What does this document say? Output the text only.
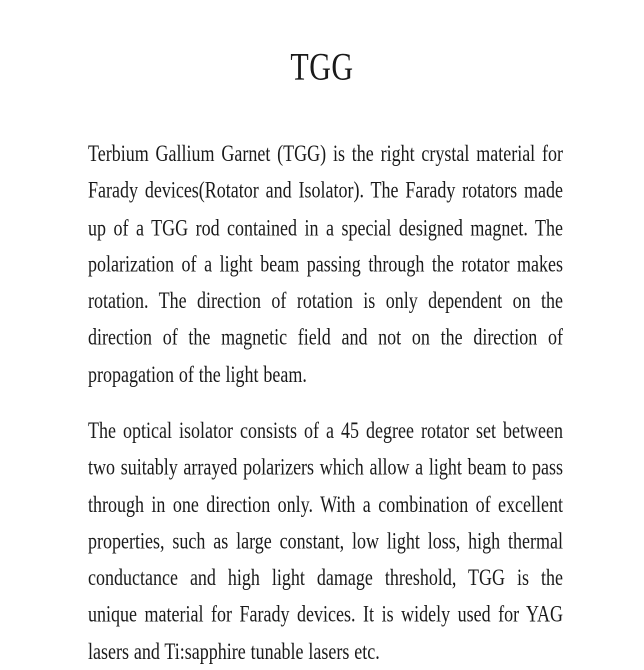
TGG
Terbium Gallium Garnet (TGG) is the right crystal material for
Farady devices(Rotator and Isolator). The Farady rotators made
up of a TGG rod contained in a special designed magnet. The
polarization of a light beam passing through the rotator makes
rotation. The direction of rotation is only dependent on the
direction of the magnetic field and not on the direction of
propagation of the light beam.
The optical isolator consists of a 45 degree rotator set between
two suitably arrayed polarizers which allow a light beam to pass
through in one direction only. With a combination of excellent
properties, such as large constant, low light loss, high thermal
conductance and high light damage threshold, TGG is the
unique material for Farady devices. It is widely used for YAG
lasers and Ti:sapphire tunable lasers etc.
